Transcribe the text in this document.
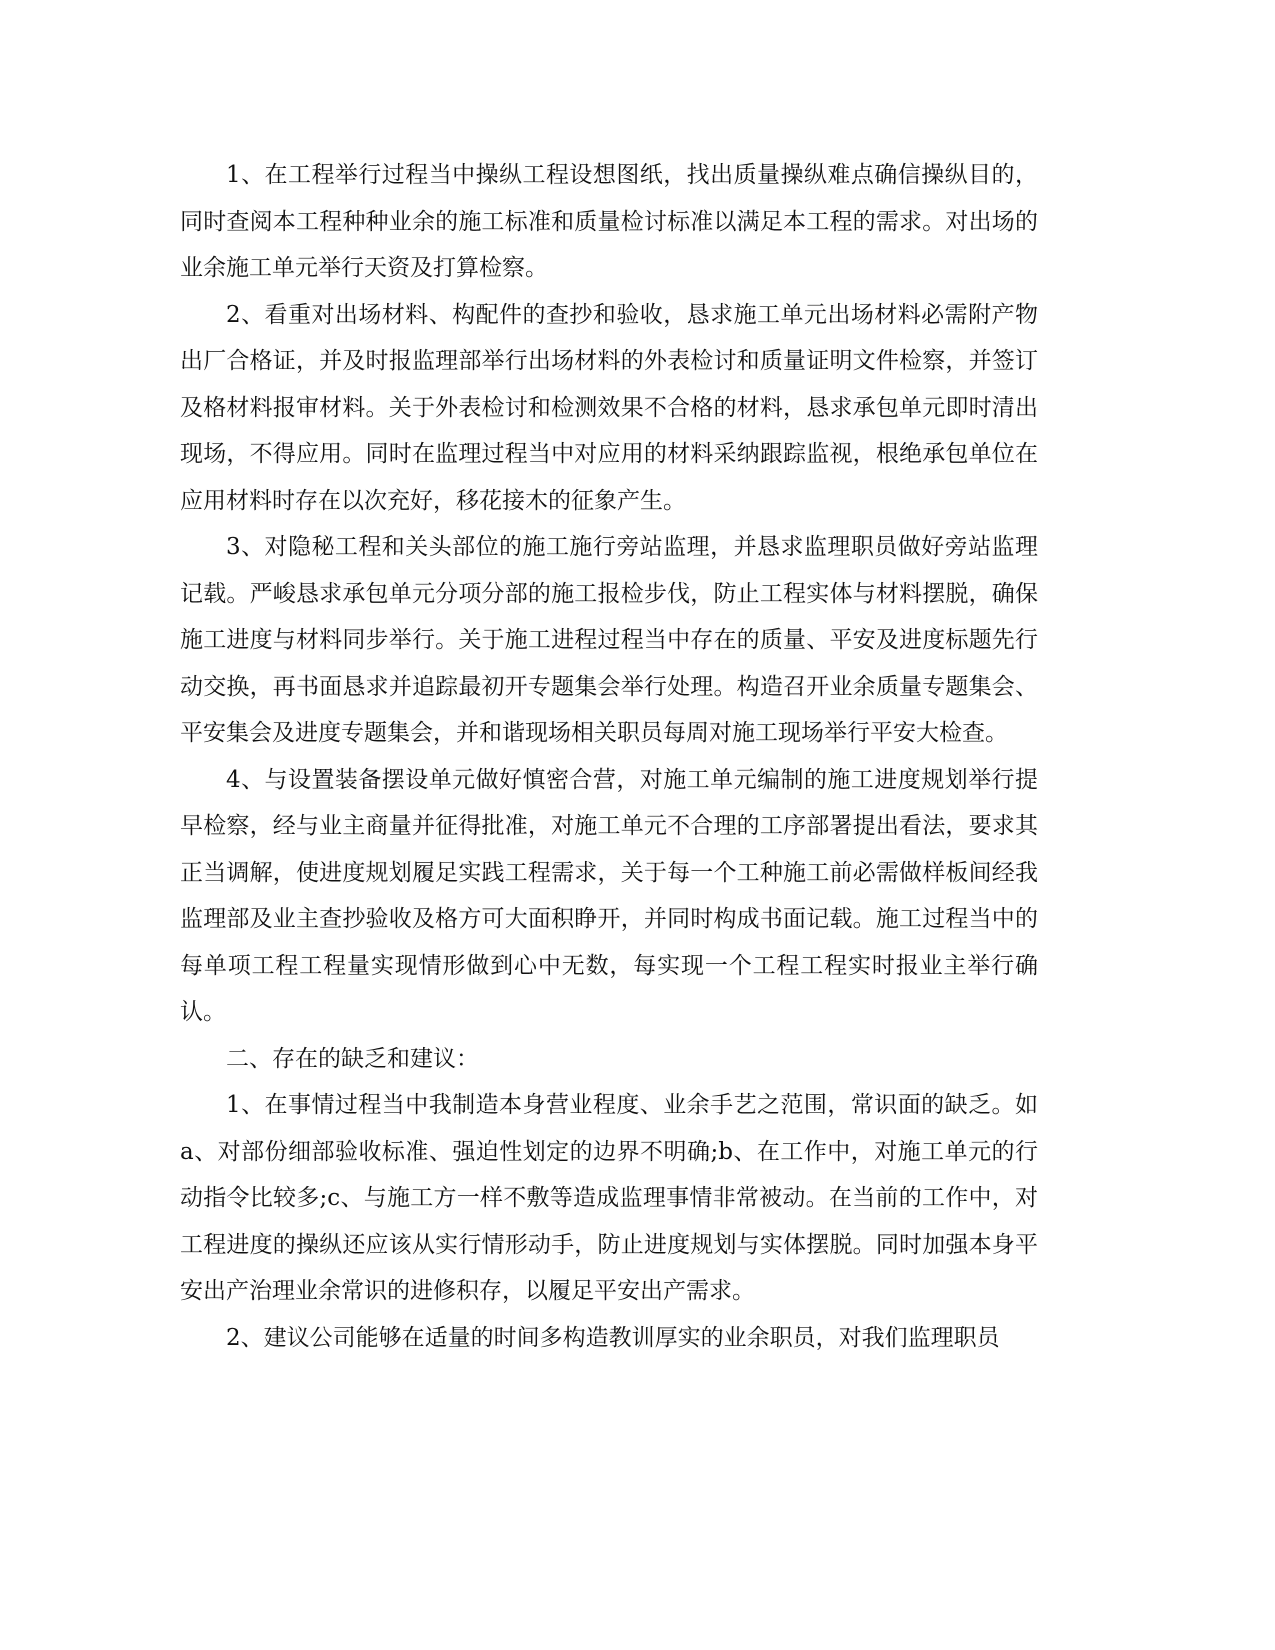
1、在工程举行过程当中操纵工程设想图纸，找出质量操纵难点确信操纵目的，同时查阅本工程种种业余的施工标准和质量检讨标准以满足本工程的需求。对出场的业余施工单元举行天资及打算检察。

2、看重对出场材料、构配件的查抄和验收，恳求施工单元出场材料必需附产物出厂合格证，并及时报监理部举行出场材料的外表检讨和质量证明文件检察，并签订及格材料报审材料。关于外表检讨和检测效果不合格的材料，恳求承包单元即时清出现场，不得应用。同时在监理过程当中对应用的材料采纳跟踪监视，根绝承包单位在应用材料时存在以次充好，移花接木的征象产生。

3、对隐秘工程和关头部位的施工施行旁站监理，并恳求监理职员做好旁站监理记载。严峻恳求承包单元分项分部的施工报检步伐，防止工程实体与材料摆脱，确保施工进度与材料同步举行。关于施工进程过程当中存在的质量、平安及进度标题先行动交换，再书面恳求并追踪最初开专题集会举行处理。构造召开业余质量专题集会、平安集会及进度专题集会，并和谐现场相关职员每周对施工现场举行平安大检查。

4、与设置装备摆设单元做好慎密合营，对施工单元编制的施工进度规划举行提早检察，经与业主商量并征得批准，对施工单元不合理的工序部署提出看法，要求其正当调解，使进度规划履足实践工程需求，关于每一个工种施工前必需做样板间经我监理部及业主查抄验收及格方可大面积睁开，并同时构成书面记载。施工过程当中的每单项工程工程量实现情形做到心中无数，每实现一个工程工程实时报业主举行确认。

二、存在的缺乏和建议：

1、在事情过程当中我制造本身营业程度、业余手艺之范围，常识面的缺乏。如a、对部份细部验收标准、强迫性划定的边界不明确;b、在工作中，对施工单元的行动指令比较多;c、与施工方一样不敷等造成监理事情非常被动。在当前的工作中，对工程进度的操纵还应该从实行情形动手，防止进度规划与实体摆脱。同时加强本身平安出产治理业余常识的进修积存，以履足平安出产需求。

2、建议公司能够在适量的时间多构造教训厚实的业余职员，对我们监理职员
